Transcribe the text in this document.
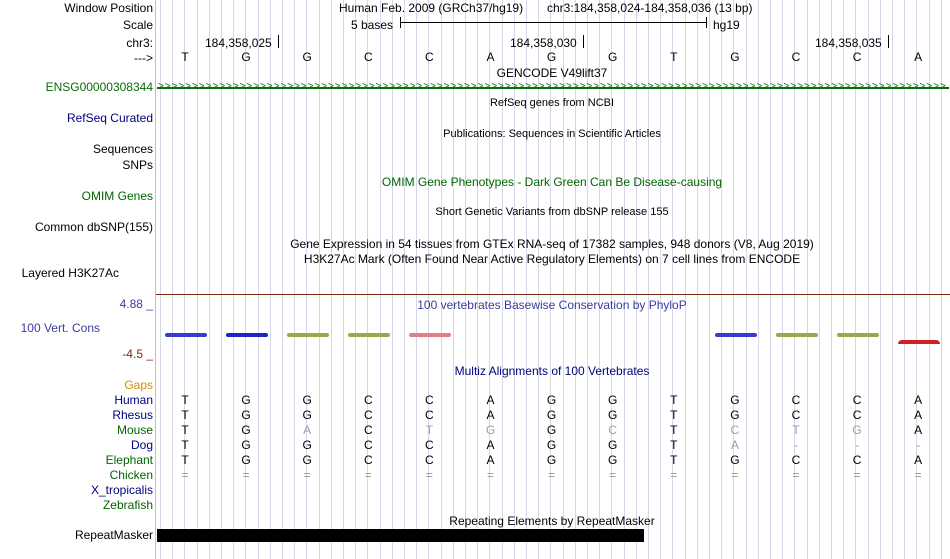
Window Position
Scale
chr3:
--->
ENSG00000308344
RefSeq Curated
Sequences
SNPs
OMIM Genes
Common dbSNP(155)
Layered H3K27Ac
4.88 _
100 Vert. Cons
-4.5 _
Gaps
Human
Rhesus
Mouse
Dog
Elephant
Chicken
X_tropicalis
Zebrafish
RepeatMasker
Human Feb. 2009 (GRCh37/hg19) chr3:184,358,024-184,358,036 (13 bp)
5 bases	hg19
184,358,025	184,358,030	184,358,035
T	G	G	C	C	A	G	G	T	G	C	C	A
GENCODE V49lift37
> > > > > > > > > > > > > > > > > > > > > > > > > > > > > > > > > > > > > > > > > > > > > > > > > > > > > > > > > > > > > > > > > > > > > > > > > > > > > > > > > > > > > > > > > > > > > > > > > > > > > > > > > > > > > > > > > > > >
RefSeq genes from NCBI
Publications: Sequences in Scientific Articles
OMIM Gene Phenotypes - Dark Green Can Be Disease-causing
Short Genetic Variants from dbSNP release 155
Gene Expression in 54 tissues from GTEx RNA-seq of 17382 samples, 948 donors (V8, Aug 2019)
H3K27Ac Mark (Often Found Near Active Regulatory Elements) on 7 cell lines from ENCODE
100 vertebrates Basewise Conservation by PhyloP
Multiz Alignments of 100 Vertebrates
T	G	G	C	C	A	G	G	T	G	C	C	A
T	G	G	C	C	A	G	G	T	G	C	C	A
T	G	A	C	T	G	G	C	T	C	T	G	A
T	G	G	C	C	A	G	G	T	A	-	-	-
T	G	G	C	C	A	G	G	T	G	C	C	A
=	=	=	=	=	=	=	=	=	=	=	=	=
Repeating Elements by RepeatMasker
